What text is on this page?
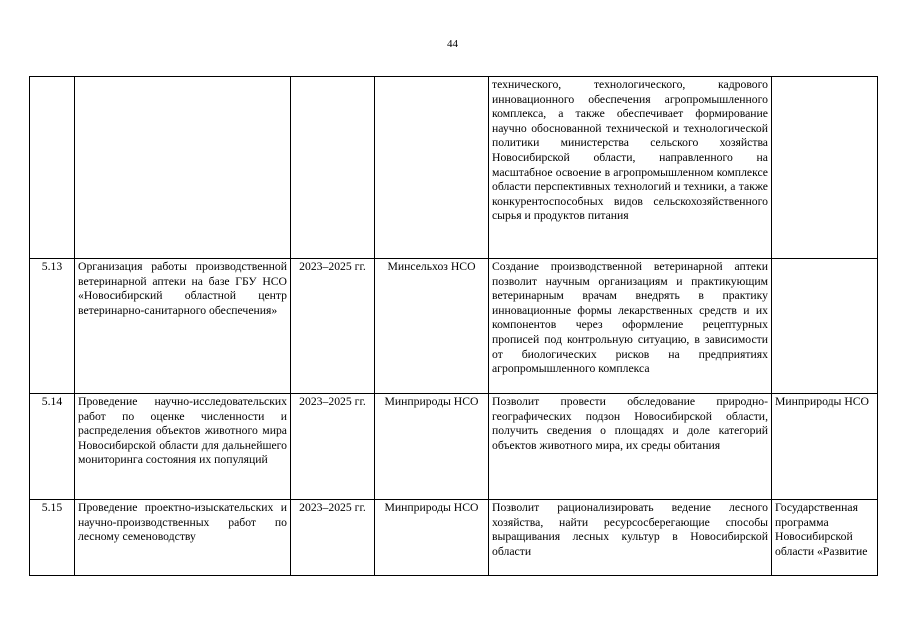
44
				технического, технологического, кадрового инновационного обеспечения агропромышленного комплекса, а также обеспечивает формирование научно обоснованной технической и технологической политики министерства сельского хозяйства Новосибирской области, направленного на масштабное освоение в агропромышленном комплексе области перспективных технологий и техники, а также конкурентоспособных видов сельскохозяйственного сырья и продуктов питания	
5.13	Организация работы производственной ветеринарной аптеки на базе ГБУ НСО «Новосибирский областной центр ветеринарно-санитарного обеспечения»	2023–2025 гг.	Минсельхоз НСО	Создание производственной ветеринарной аптеки позволит научным организациям и практикующим ветеринарным врачам внедрять в практику инновационные формы лекарственных средств и их компонентов через оформление рецептурных прописей под контрольную ситуацию, в зависимости от биологических рисков на предприятиях агропромышленного комплекса	
5.14	Проведение научно-исследовательских работ по оценке численности и распределения объектов животного мира Новосибирской области для дальнейшего мониторинга состояния их популяций	2023–2025 гг.	Минприроды НСО	Позволит провести обследование природно-географических подзон Новосибирской области, получить сведения о площадях и доле категорий объектов животного мира, их среды обитания	Минприроды НСО
5.15	Проведение проектно-изыскательских и научно-производственных работ по лесному семеноводству	2023–2025 гг.	Минприроды НСО	Позволит рационализировать ведение лесного хозяйства, найти ресурсосберегающие способы выращивания лесных культур в Новосибирской области	Государственная программа Новосибирской области «Развитие
